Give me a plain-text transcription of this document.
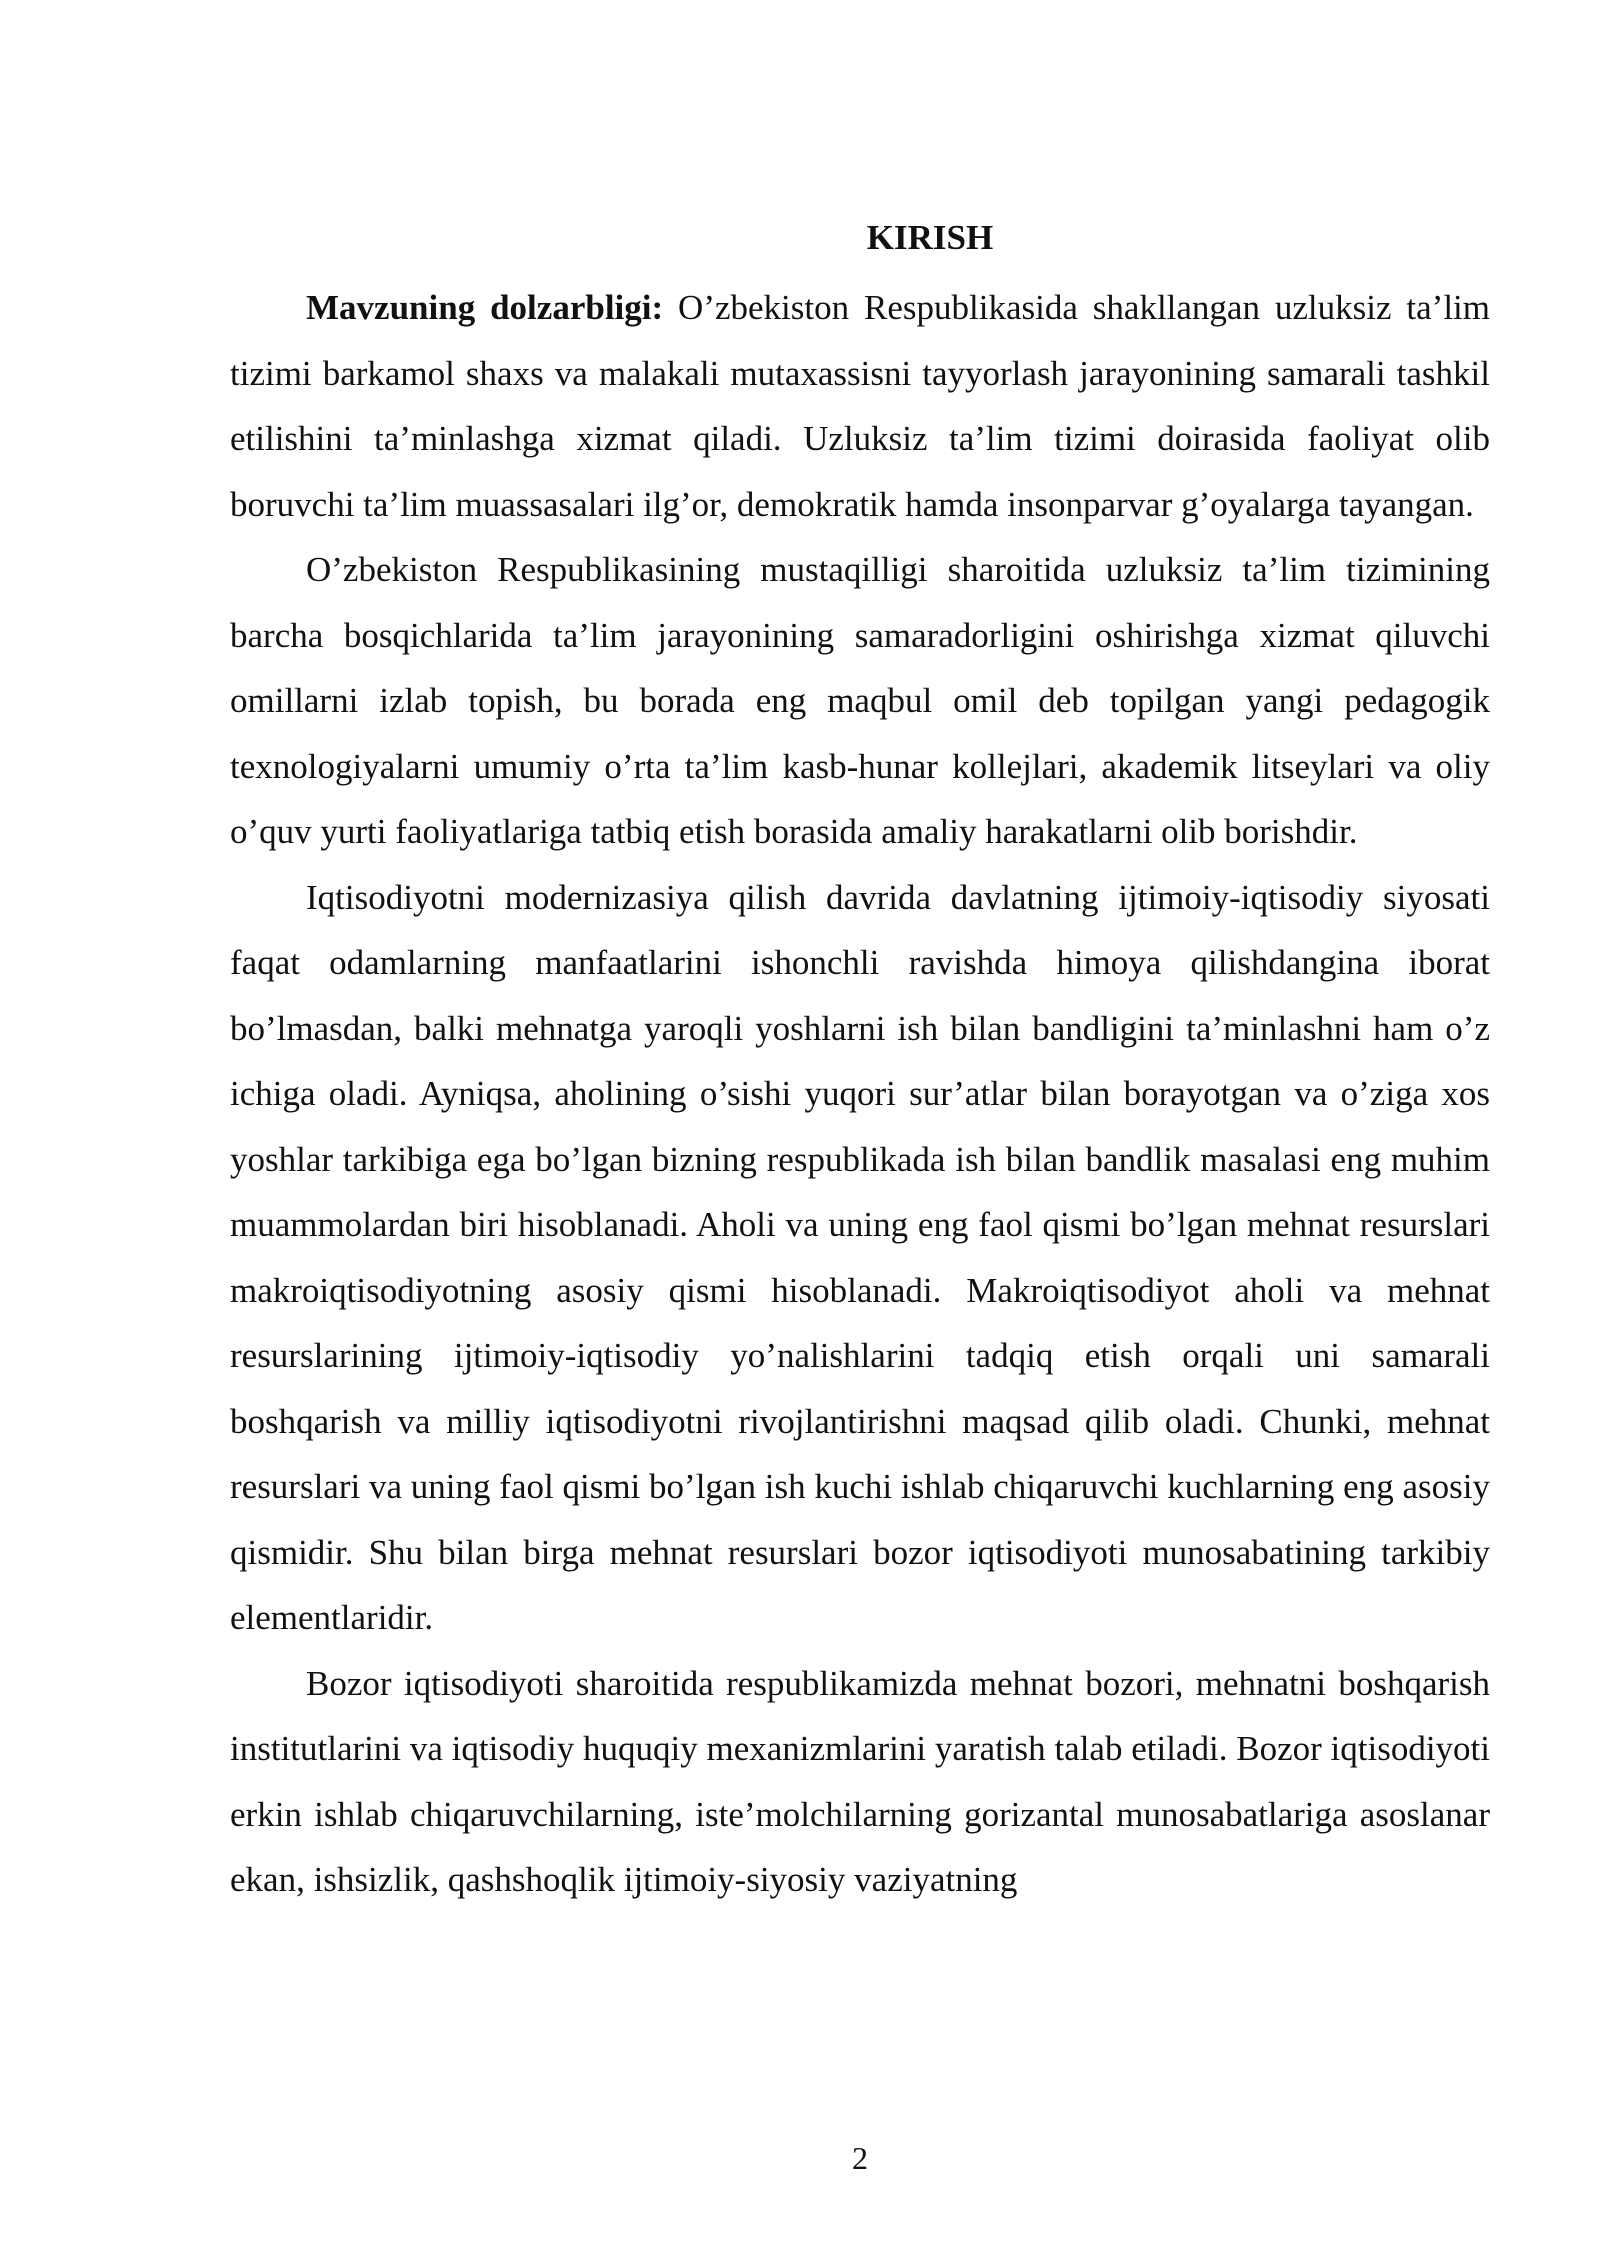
KIRISH

Mavzuning dolzarbligi: O’zbekiston Respublikasida shakllangan uzluksiz ta’lim tizimi barkamol shaxs va malakali mutaxassisni tayyorlash jarayonining samarali tashkil etilishini ta’minlashga xizmat qiladi. Uzluksiz ta’lim tizimi doirasida faoliyat olib boruvchi ta’lim muassasalari ilg’or, demokratik hamda insonparvar g’oyalarga tayangan.

O’zbekiston Respublikasining mustaqilligi sharoitida uzluksiz ta’lim tizimining barcha bosqichlarida ta’lim jarayonining samaradorligini oshirishga xizmat qiluvchi omillarni izlab topish, bu borada eng maqbul omil deb topilgan yangi pedagogik texnologiyalarni umumiy o’rta ta’lim kasb-hunar kollejlari, akademik litseylari va oliy o’quv yurti faoliyatlariga tatbiq etish borasida amaliy harakatlarni olib borishdir.

Iqtisodiyotni modernizasiya qilish davrida davlatning ijtimoiy-iqtisodiy siyosati faqat odamlarning manfaatlarini ishonchli ravishda himoya qilishdangina iborat bo’lmasdan, balki mehnatga yaroqli yoshlarni ish bilan bandligini ta’minlashni ham o’z ichiga oladi. Ayniqsa, aholining o’sishi yuqori sur’atlar bilan borayotgan va o’ziga xos yoshlar tarkibiga ega bo’lgan bizning respublikada ish bilan bandlik masalasi eng muhim muammolardan biri hisoblanadi. Aholi va uning eng faol qismi bo’lgan mehnat resurslari makroiqtisodiyotning asosiy qismi hisoblanadi. Makroiqtisodiyot aholi va mehnat resurslarining ijtimoiy-iqtisodiy yo’nalishlarini tadqiq etish orqali uni samarali boshqarish va milliy iqtisodiyotni rivojlantirishni maqsad qilib oladi. Chunki, mehnat resurslari va uning faol qismi bo’lgan ish kuchi ishlab chiqaruvchi kuchlarning eng asosiy qismidir. Shu bilan birga mehnat resurslari bozor iqtisodiyoti munosabatining tarkibiy elementlaridir.

Bozor iqtisodiyoti sharoitida respublikamizda mehnat bozori, mehnatni boshqarish institutlarini va iqtisodiy huquqiy mexanizmlarini yaratish talab etiladi. Bozor iqtisodiyoti erkin ishlab chiqaruvchilarning, iste’molchilarning gorizantal munosabatlariga asoslanar ekan, ishsizlik, qashshoqlik ijtimoiy-siyosiy vaziyatning

2
